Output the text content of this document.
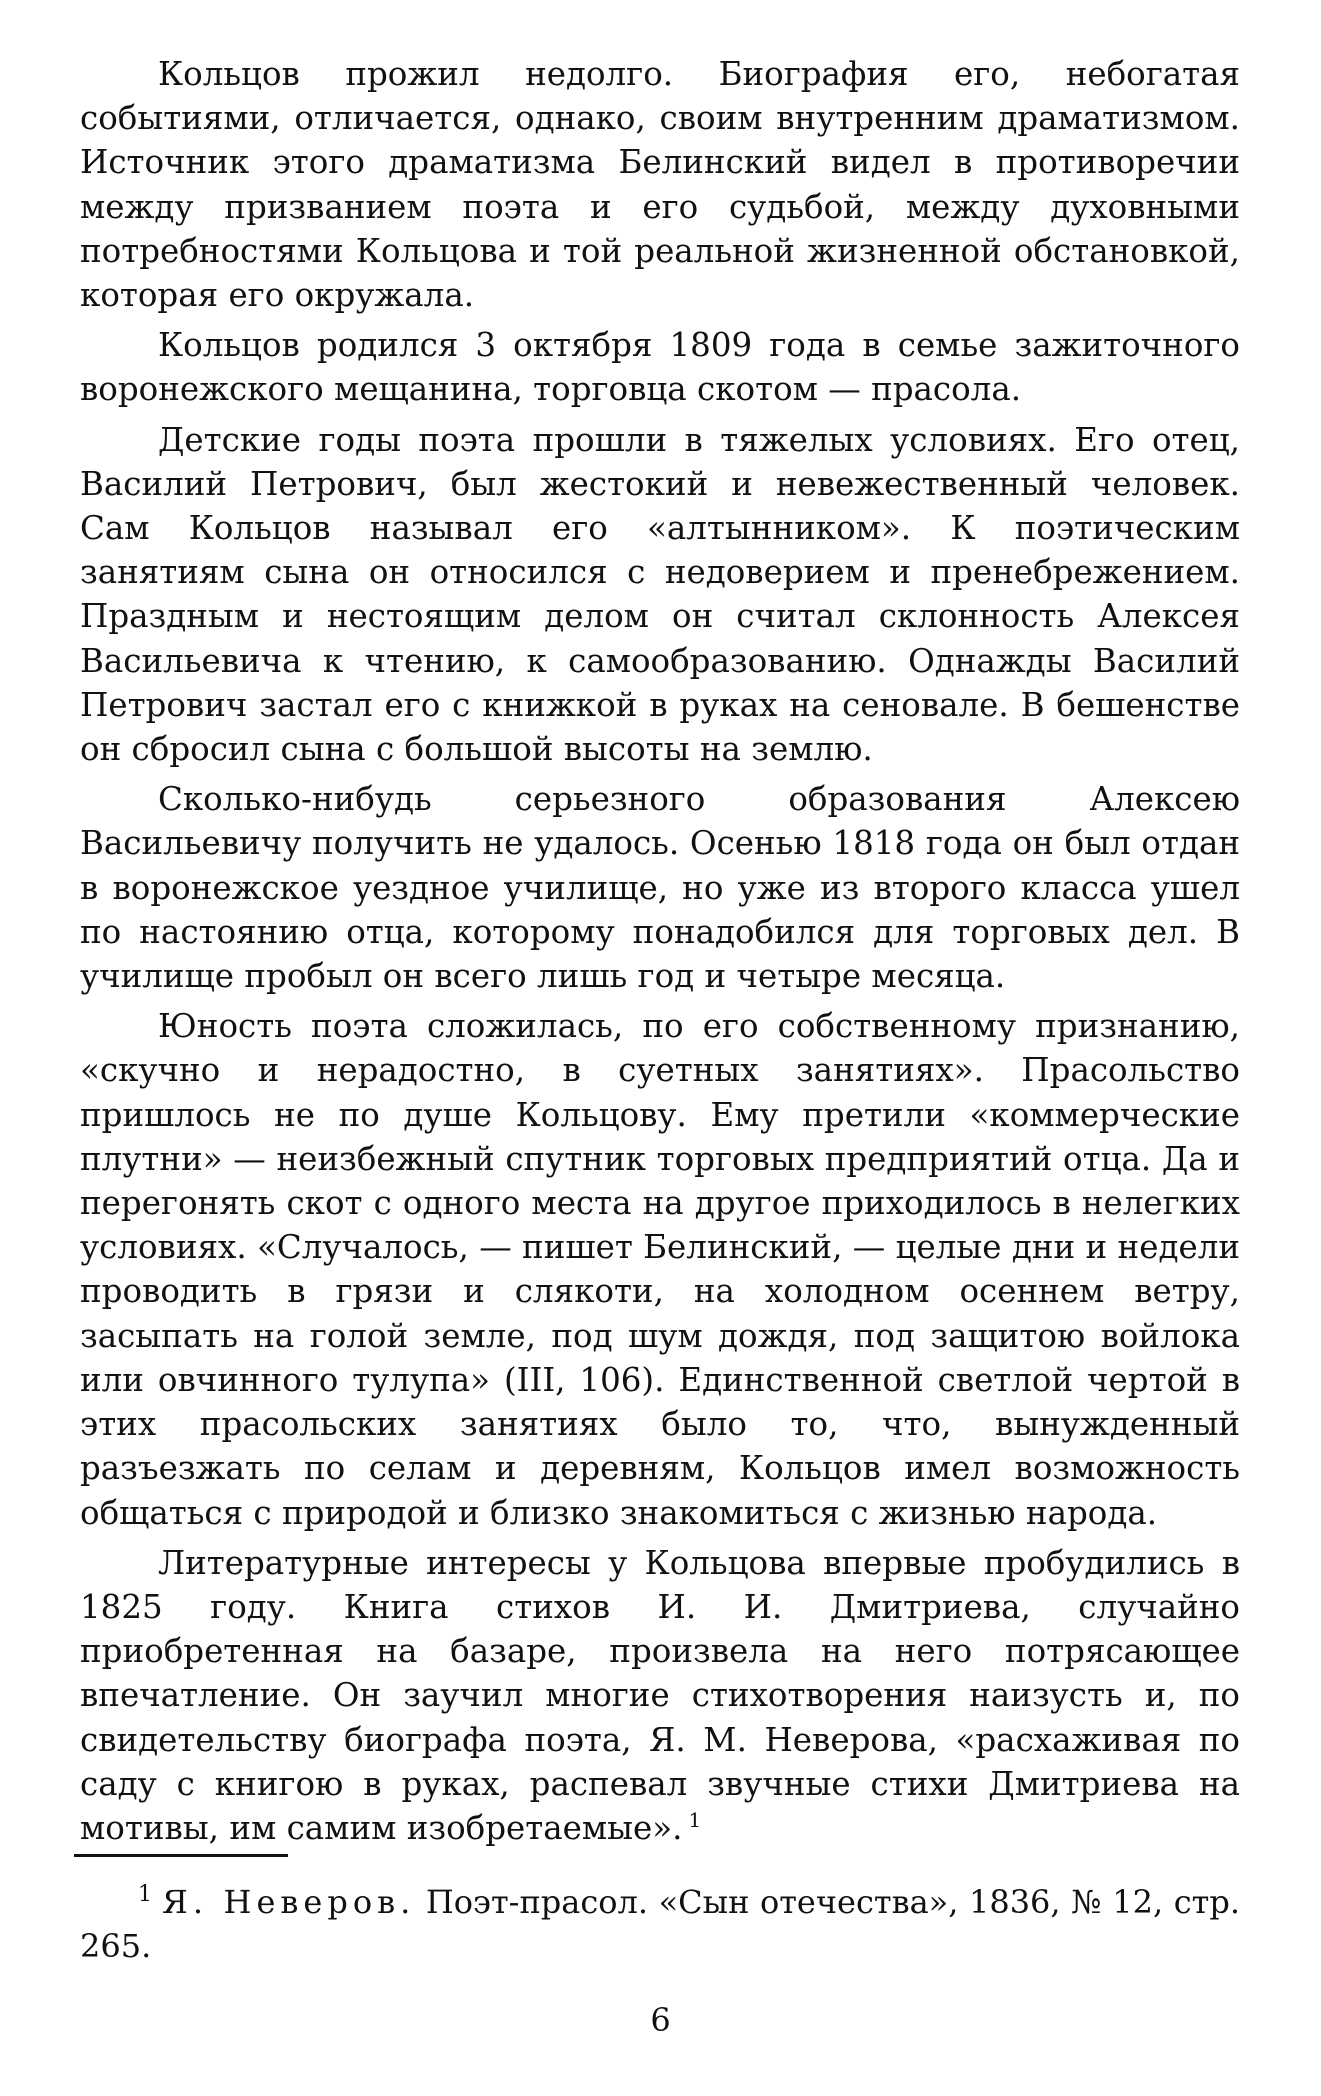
Кольцов прожил недолго. Биография его, небогатая событиями, отличается, однако, своим внутренним драматизмом. Источник этого драматизма Белинский видел в противоречии между призванием поэта и его судьбой, между духовными потребностями Кольцова и той реальной жизненной обстановкой, которая его окружала.

Кольцов родился 3 октября 1809 года в семье зажиточного воронежского мещанина, торговца скотом — прасола.

Детские годы поэта прошли в тяжелых условиях. Его отец, Василий Петрович, был жестокий и невежественный человек. Сам Кольцов называл его «алтынником». К поэтическим занятиям сына он относился с недоверием и пренебрежением. Праздным и нестоящим делом он считал склонность Алексея Васильевича к чтению, к самообразованию. Однажды Василий Петрович застал его с книжкой в руках на сеновале. В бешенстве он сбросил сына с большой высоты на землю.

Сколько-нибудь серьезного образования Алексею Васильевичу получить не удалось. Осенью 1818 года он был отдан в воронежское уездное училище, но уже из второго класса ушел по настоянию отца, которому понадобился для торговых дел. В училище пробыл он всего лишь год и четыре месяца.

Юность поэта сложилась, по его собственному признанию, «скучно и нерадостно, в суетных занятиях». Прасольство пришлось не по душе Кольцову. Ему претили «коммерческие плутни» — неизбежный спутник торговых предприятий отца. Да и перегонять скот с одного места на другое приходилось в нелегких условиях. «Случалось, — пишет Белинский, — целые дни и недели проводить в грязи и слякоти, на холодном осеннем ветру, засыпать на голой земле, под шум дождя, под защитою войлока или овчинного тулупа» (III, 106). Единственной светлой чертой в этих прасольских занятиях было то, что, вынужденный разъезжать по селам и деревням, Кольцов имел возможность общаться с природой и близко знакомиться с жизнью народа.

Литературные интересы у Кольцова впервые пробудились в 1825 году. Книга стихов И. И. Дмитриева, случайно приобретенная на базаре, произвела на него потрясающее впечатление. Он заучил многие стихотворения наизусть и, по свидетельству биографа поэта, Я. М. Неверова, «расхаживая по саду с книгою в руках, распевал звучные стихи Дмитриева на мотивы, им самим изобретаемые». $^1$

$^1$ Я. Неверов. Поэт-прасол. «Сын отечества», 1836, № 12, стр. 265.
6
